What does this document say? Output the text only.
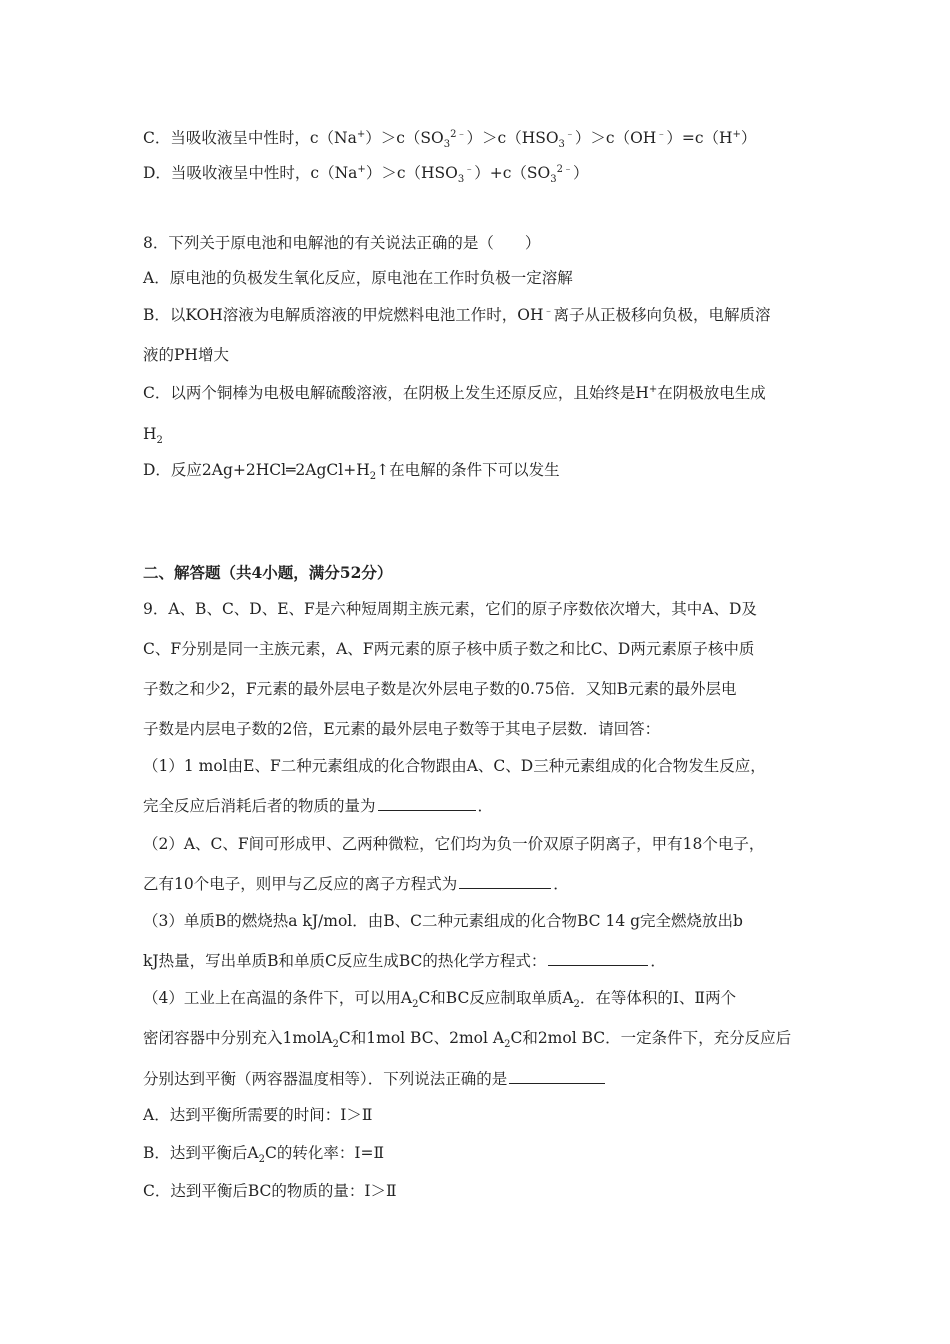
C．当吸收液呈中性时，$c(Na^+)>c(SO_3^{2﹣})>c(HSO_3^﹣)>c(OH^﹣)=c(H^+)$
D．当吸收液呈中性时，$c(Na^+)>c(HSO_3^﹣)+c(SO_3^{2﹣})$
8．下列关于原电池和电解池的有关说法正确的是（　　）
A．原电池的负极发生氧化反应，原电池在工作时负极一定溶解
B．以KOH溶液为电解质溶液的甲烷燃料电池工作时，OH﹣离子从正极移向负极，电解质溶
液的PH增大
C．以两个铜棒为电极电解硫酸溶液，在阴极上发生还原反应，且始终是H+在阴极放电生成
$H_2$
D．反应$2Ag+2HCl═2AgCl+H_2↑$在电解的条件下可以发生
二、解答题（共4小题，满分52分）
9．A、B、C、D、E、F是六种短周期主族元素，它们的原子序数依次增大，其中A、D及
C、F分别是同一主族元素，A、F两元素的原子核中质子数之和比C、D两元素原子核中质
子数之和少2，F元素的最外层电子数是次外层电子数的0.75倍．又知B元素的最外层电
子数是内层电子数的2倍，E元素的最外层电子数等于其电子层数．请回答：
（1）1 mol由E、F二种元素组成的化合物跟由A、C、D三种元素组成的化合物发生反应，
完全反应后消耗后者的物质的量为	．
（2）A、C、F间可形成甲、乙两种微粒，它们均为负一价双原子阴离子，甲有18个电子，
乙有10个电子，则甲与乙反应的离子方程式为	．
（3）单质B的燃烧热a kJ/mol．由B、C二种元素组成的化合物BC 14 g完全燃烧放出b
kJ热量，写出单质B和单质C反应生成BC的热化学方程式：	．
（4）工业上在高温的条件下，可以用$A_2C$和BC反应制取单质$A_2$．在等体积的Ⅰ、Ⅱ两个
密闭容器中分别充入1molA$_2$C和1mol BC、2mol $A_2C$和2mol BC．一定条件下，充分反应后
分别达到平衡（两容器温度相等）．下列说法正确的是
A．达到平衡所需要的时间：Ⅰ＞Ⅱ
B．达到平衡后$A_2C$的转化率：Ⅰ=Ⅱ
C．达到平衡后BC的物质的量：Ⅰ＞Ⅱ
